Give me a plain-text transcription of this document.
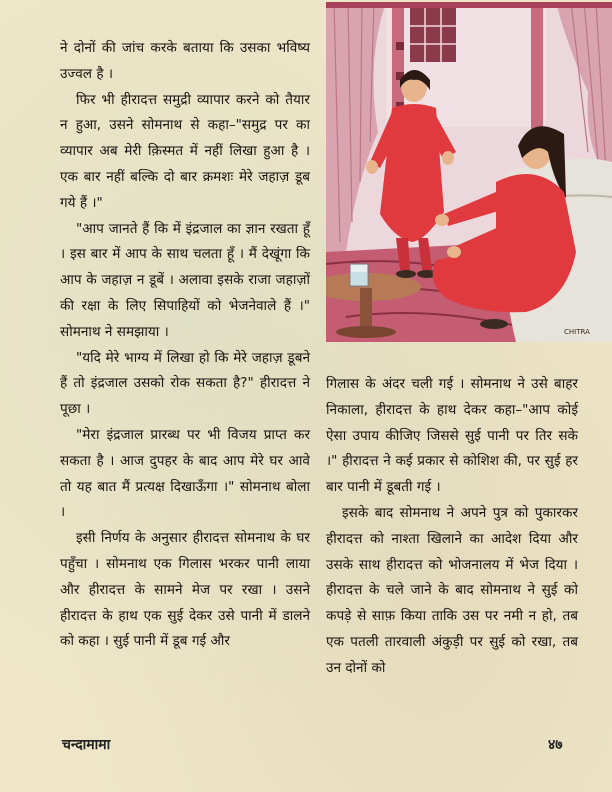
CHITRA

ने दोनों की जांच करके बताया कि उसका भविष्य उज्वल है ।

फिर भी हीरादत्त समुद्री व्यापार करने को तैयार न हुआ, उसने सोमनाथ से कहा–"समुद्र पर का व्यापार अब मेरी क़िस्मत में नहीं लिखा हुआ है । एक बार नहीं बल्कि दो बार क्रमशः मेरे जहाज़ डूब गये हैं ।"

"आप जानते हैं कि में इंद्रजाल का ज्ञान रखता हूँ । इस बार में आप के साथ चलता हूँ । मैं देखूंगा कि आप के जहाज़ न डूबें । अलावा इसके राजा जहाज़ों की रक्षा के लिए सिपाहियों को भेजनेवाले हैं ।" सोमनाथ ने समझाया ।

"यदि मेरे भाग्य में लिखा हो कि मेरे जहाज़ डूबने हैं तो इंद्रजाल उसको रोक सकता है?" हीरादत्त ने पूछा ।

"मेरा इंद्रजाल प्रारब्ध पर भी विजय प्राप्त कर सकता है । आज दुपहर के बाद आप मेरे घर आवे तो यह बात मैं प्रत्यक्ष दिखाऊँगा ।" सोमनाथ बोला ।

इसी निर्णय के अनुसार हीरादत्त सोमनाथ के घर पहुँचा । सोमनाथ एक गिलास भरकर पानी लाया और हीरादत्त के सामने मेज पर रखा । उसने हीरादत्त के हाथ एक सुई देकर उसे पानी में डालने को कहा । सुई पानी में डूब गई और

गिलास के अंदर चली गई । सोमनाथ ने उसे बाहर निकाला, हीरादत्त के हाथ देकर कहा–"आप कोई ऐसा उपाय कीजिए जिससे सुई पानी पर तिर सके ।" हीरादत्त ने कई प्रकार से कोशिश की, पर सुई हर बार पानी में डूबती गई ।

इसके बाद सोमनाथ ने अपने पुत्र को पुकारकर हीरादत्त को नाश्ता खिलाने का आदेश दिया और उसके साथ हीरादत्त को भोजनालय में भेज दिया । हीरादत्त के चले जाने के बाद सोमनाथ ने सुई को कपड़े से साफ़ किया ताकि उस पर नमी न हो, तब एक पतली तारवाली अंकुड़ी पर सुई को रखा, तब उन दोनों को

चन्दामामा	४७
